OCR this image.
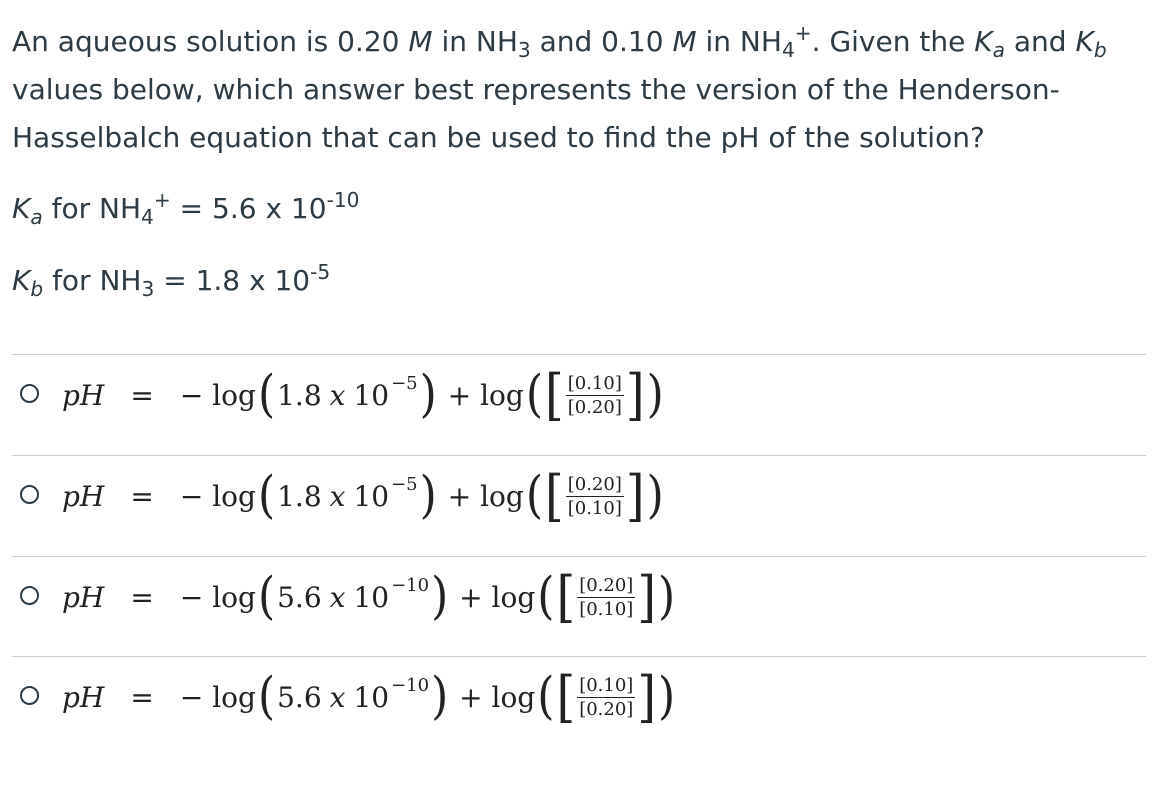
An aqueous solution is 0.20 M in $NH_3$ and 0.10 M in $NH_4^+$. Given the $K_a$ and $K_b$

values below, which answer best represents the version of the Henderson-

Hasselbalch equation that can be used to find the pH of the solution?

$K_a$ for $NH_4^+ = 5.6$ x $10^{-10}$
$K_b$ for $NH_3 = 1.8$ x $10^{-5}$
pH = −
log ( 1.8 x 10 −5 )
+
log ( [ $\frac{[0.10]}{[0.20]}$ ] )
pH = −
log ( 1.8 x 10 −5 )
+
log ( [ $\frac{[0.20]}{[0.10]}$ ] )
pH = −
log ( 5.6 x 10 −10 )
+
log ( [ $\frac{[0.20]}{[0.10]}$ ] )
pH = −
log ( 5.6 x 10 −10 )
+
log ( [ $\frac{[0.10]}{[0.20]}$ ] )
